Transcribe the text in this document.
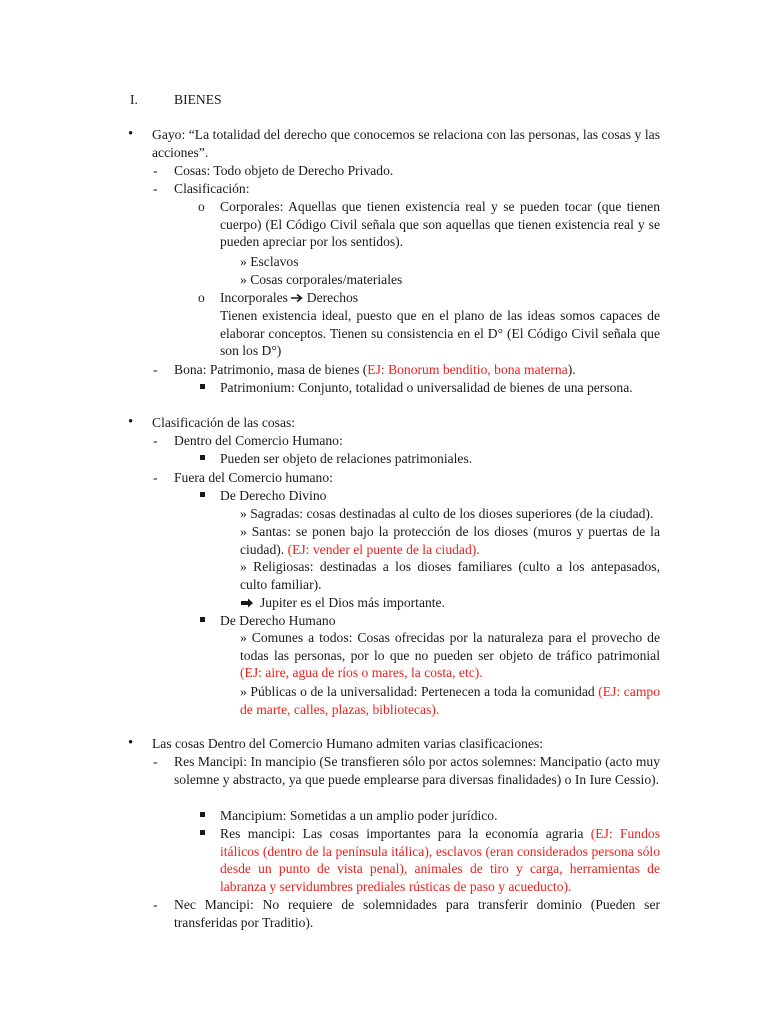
I.	BIENES
• Gayo: “La totalidad del derecho que conocemos se relaciona con las personas, las cosas y las acciones”.
- Cosas: Todo objeto de Derecho Privado.
- Clasificación:
o Corporales: Aquellas que tienen existencia real y se pueden tocar (que tienen cuerpo) (El Código Civil señala que son aquellas que tienen existencia real y se pueden apreciar por los sentidos).
» Esclavos
» Cosas corporales/materiales
o Incorporales Derechos
Tienen existencia ideal, puesto que en el plano de las ideas somos capaces de elaborar conceptos. Tienen su consistencia en el D° (El Código Civil señala que son los D°)
- Bona: Patrimonio, masa de bienes (EJ: Bonorum benditio, bona materna).
Patrimonium: Conjunto, totalidad o universalidad de bienes de una persona.
• Clasificación de las cosas:
- Dentro del Comercio Humano:
Pueden ser objeto de relaciones patrimoniales.
- Fuera del Comercio humano:
De Derecho Divino
» Sagradas: cosas destinadas al culto de los dioses superiores (de la ciudad).
» Santas: se ponen bajo la protección de los dioses (muros y puertas de la ciudad). (EJ: vender el puente de la ciudad).
» Religiosas: destinadas a los dioses familiares (culto a los antepasados, culto familiar).
Jupiter es el Dios más importante.
De Derecho Humano
» Comunes a todos: Cosas ofrecidas por la naturaleza para el provecho de todas las personas, por lo que no pueden ser objeto de tráfico patrimonial (EJ: aire, agua de ríos o mares, la costa, etc).
» Públicas o de la universalidad: Pertenecen a toda la comunidad (EJ: campo de marte, calles, plazas, bibliotecas).
• Las cosas Dentro del Comercio Humano admiten varias clasificaciones:
- Res Mancipi: In mancipio (Se transfieren sólo por actos solemnes: Mancipatio (acto muy solemne y abstracto, ya que puede emplearse para diversas finalidades) o In Iure Cessio).
Mancipium: Sometidas a un amplio poder jurídico.
Res mancipi: Las cosas importantes para la economía agraria (EJ: Fundos itálicos (dentro de la península itálica), esclavos (eran considerados persona sólo desde un punto de vista penal), animales de tiro y carga, herramientas de labranza y servidumbres prediales rústicas de paso y acueducto).
- Nec Mancipi: No requiere de solemnidades para transferir dominio (Pueden ser transferidas por Traditio).
